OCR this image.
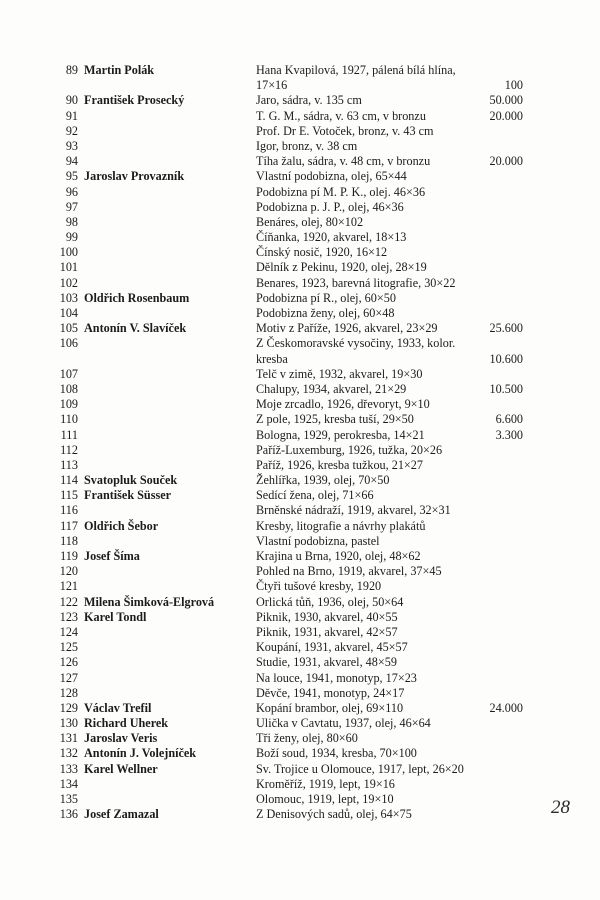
89 Martin Polák	Hana Kvapilová, 1927, pálená bílá hlína,
17×16	100
90 František Prosecký	Jaro, sádra, v. 135 cm	50.000
91	T. G. M., sádra, v. 63 cm, v bronzu	20.000
92	Prof. Dr E. Votoček, bronz, v. 43 cm
93	Igor, bronz, v. 38 cm
94	Tíha žalu, sádra, v. 48 cm, v bronzu	20.000
95 Jaroslav Provazník	Vlastní podobizna, olej, 65×44
96	Podobizna pí M. P. K., olej. 46×36
97	Podobizna p. J. P., olej, 46×36
98	Benáres, olej, 80×102
99	Číňanka, 1920, akvarel, 18×13
100	Čínský nosič, 1920, 16×12
101	Dělník z Pekinu, 1920, olej, 28×19
102	Benares, 1923, barevná litografie, 30×22
103 Oldřich Rosenbaum	Podobizna pí R., olej, 60×50
104	Podobizna ženy, olej, 60×48
105 Antonín V. Slavíček	Motiv z Paříže, 1926, akvarel, 23×29	25.600
106	Z Českomoravské vysočiny, 1933, kolor.
kresba	10.600
107	Telč v zimě, 1932, akvarel, 19×30
108	Chalupy, 1934, akvarel, 21×29	10.500
109	Moje zrcadlo, 1926, dřevoryt, 9×10
110	Z pole, 1925, kresba tuší, 29×50	6.600
111	Bologna, 1929, perokresba, 14×21	3.300
112	Paříž-Luxemburg, 1926, tužka, 20×26
113	Paříž, 1926, kresba tužkou, 21×27
114 Svatopluk Souček	Žehlířka, 1939, olej, 70×50
115 František Süsser	Sedící žena, olej, 71×66
116	Brněnské nádraží, 1919, akvarel, 32×31
117 Oldřich Šebor	Kresby, litografie a návrhy plakátů
118	Vlastní podobizna, pastel
119 Josef Šíma	Krajina u Brna, 1920, olej, 48×62
120	Pohled na Brno, 1919, akvarel, 37×45
121	Čtyři tušové kresby, 1920
122 Milena Šimková-Elgrová	Orlická tůň, 1936, olej, 50×64
123 Karel Tondl	Piknik, 1930, akvarel, 40×55
124	Piknik, 1931, akvarel, 42×57
125	Koupání, 1931, akvarel, 45×57
126	Studie, 1931, akvarel, 48×59
127	Na louce, 1941, monotyp, 17×23
128	Děvče, 1941, monotyp, 24×17
129 Václav Trefil	Kopání brambor, olej, 69×110	24.000
130 Richard Uherek	Ulička v Cavtatu, 1937, olej, 46×64
131 Jaroslav Veris	Tři ženy, olej, 80×60
132 Antonín J. Volejníček	Boží soud, 1934, kresba, 70×100
133 Karel Wellner	Sv. Trojice u Olomouce, 1917, lept, 26×20
134	Kroměříž, 1919, lept, 19×16
135	Olomouc, 1919, lept, 19×10
136 Josef Zamazal	Z Denisových sadů, olej, 64×75	28
